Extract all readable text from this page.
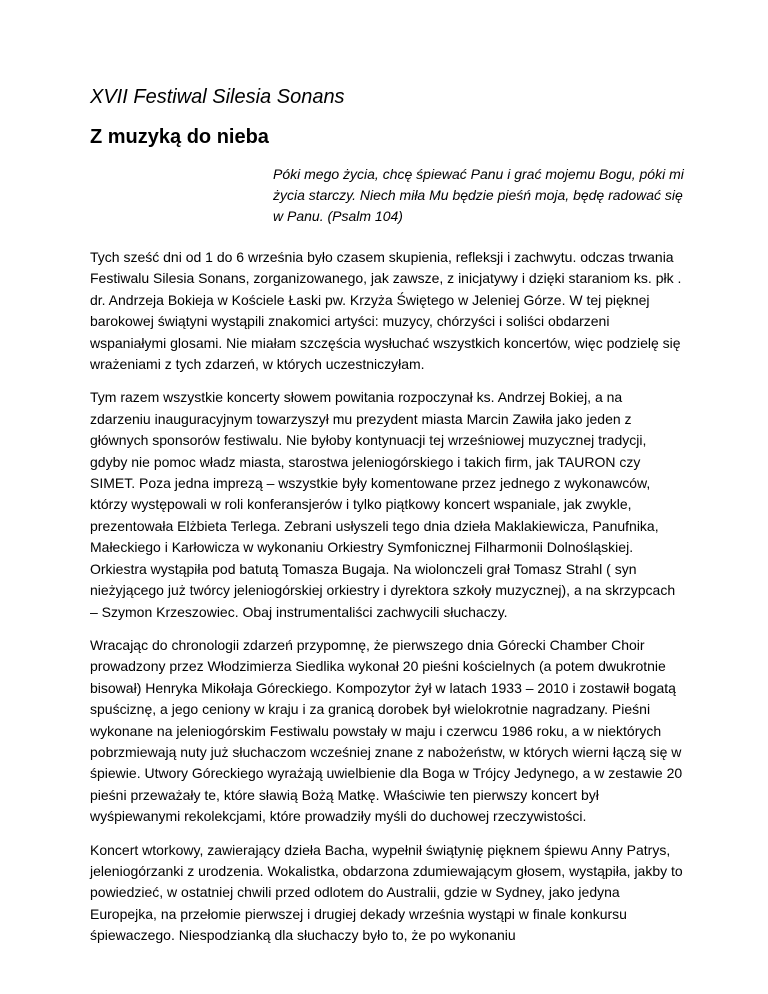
XVII Festiwal Silesia Sonans
Z muzyką do nieba
Póki mego życia, chcę śpiewać Panu i grać mojemu Bogu, póki mi życia starczy. Niech miła Mu będzie pieśń moja, będę radować się w Panu. (Psalm 104)

Tych sześć dni od 1 do 6 września było czasem skupienia, refleksji i zachwytu. odczas trwania Festiwalu Silesia Sonans, zorganizowanego, jak zawsze, z inicjatywy i dzięki staraniom ks. płk . dr. Andrzeja Bokieja w Kościele Łaski pw. Krzyża Świętego w Jeleniej Górze. W tej pięknej barokowej świątyni wystąpili znakomici artyści: muzycy, chórzyści i soliści obdarzeni wspaniałymi glosami. Nie miałam szczęścia wysłuchać wszystkich koncertów, więc podzielę się wrażeniami z tych zdarzeń, w których uczestniczyłam.

Tym razem wszystkie koncerty słowem powitania rozpoczynał ks. Andrzej Bokiej, a na zdarzeniu inauguracyjnym towarzyszył mu prezydent miasta Marcin Zawiła jako jeden z głównych sponsorów festiwalu. Nie byłoby kontynuacji tej wrześniowej muzycznej tradycji, gdyby nie pomoc władz miasta, starostwa jeleniogórskiego i takich firm, jak TAURON czy SIMET. Poza jedna imprezą – wszystkie były komentowane przez jednego z wykonawców, którzy występowali w roli konferansjerów i tylko piątkowy koncert wspaniale, jak zwykle, prezentowała Elżbieta Terlega. Zebrani usłyszeli tego dnia dzieła Maklakiewicza, Panufnika, Małeckiego i Karłowicza w wykonaniu Orkiestry Symfonicznej Filharmonii Dolnośląskiej. Orkiestra wystąpiła pod batutą Tomasza Bugaja. Na wiolonczeli grał Tomasz Strahl ( syn nieżyjącego już twórcy jeleniogórskiej orkiestry i dyrektora szkoły muzycznej), a na skrzypcach – Szymon Krzeszowiec. Obaj instrumentaliści zachwycili słuchaczy.

Wracając do chronologii zdarzeń przypomnę, że pierwszego dnia Górecki Chamber Choir prowadzony przez Włodzimierza Siedlika wykonał 20 pieśni kościelnych (a potem dwukrotnie bisował) Henryka Mikołaja Góreckiego. Kompozytor żył w latach 1933 – 2010 i zostawił bogatą spuściznę, a jego ceniony w kraju i za granicą dorobek był wielokrotnie nagradzany. Pieśni wykonane na jeleniogórskim Festiwalu powstały w maju i czerwcu 1986 roku, a w niektórych pobrzmiewają nuty już słuchaczom wcześniej znane z nabożeństw, w których wierni łączą się w śpiewie. Utwory Góreckiego wyrażają uwielbienie dla Boga w Trójcy Jedynego, a w zestawie 20 pieśni przeważały te, które sławią Bożą Matkę. Właściwie ten pierwszy koncert był wyśpiewanymi rekolekcjami, które prowadziły myśli do duchowej rzeczywistości.

Koncert wtorkowy, zawierający dzieła Bacha, wypełnił świątynię pięknem śpiewu Anny Patrys, jeleniogórzanki z urodzenia. Wokalistka, obdarzona zdumiewającym głosem, wystąpiła, jakby to powiedzieć, w ostatniej chwili przed odlotem do Australii, gdzie w Sydney, jako jedyna Europejka, na przełomie pierwszej i drugiej dekady września wystąpi w finale konkursu śpiewaczego. Niespodzianką dla słuchaczy było to, że po wykonaniu
